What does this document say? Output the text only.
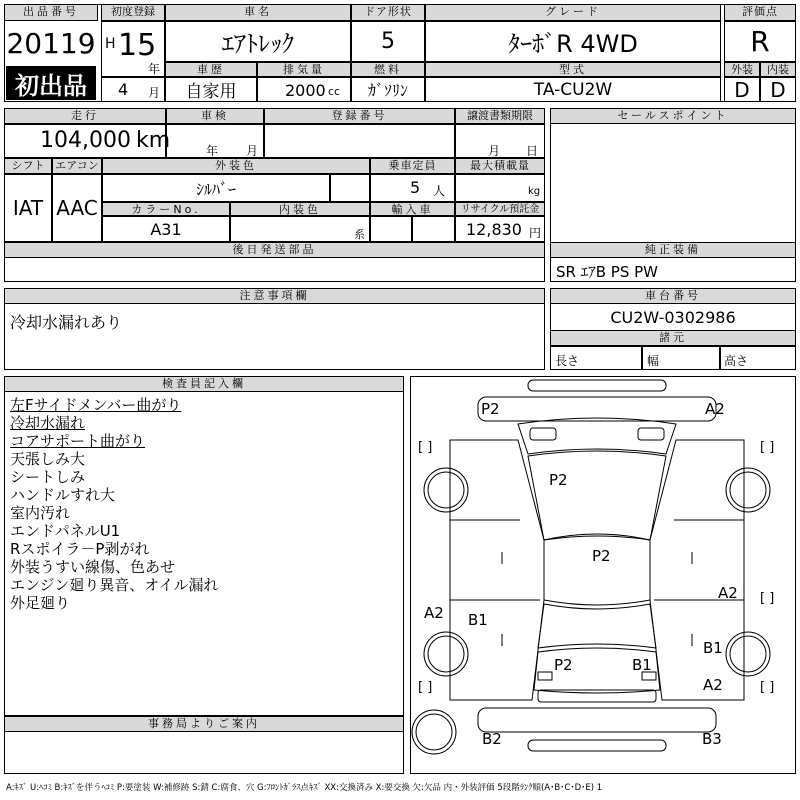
出品番号
20119
初出品
初度登録
H 15
年
4 月
車名
ｴｱﾄﾚｯｸ
ドア形状
5
グレード
ﾀｰﾎﾞR 4WD
評価点
R
車歴
自家用
排気量
2000 cc
燃料
ｶﾞｿﾘﾝ
型式
TA-CU2W
外装	内装
D	D
走行
104,000 km
車検
年 月
登録番号	譲渡書類期限
月 日
シフト
IAT
エアコン
AAC
外装色
ｼﾙﾊﾞｰ
乗車定員
5 人
最大積載量
kg
カラーNo.
A31
内装色
系
輸入車	リサイクル預託金
12,830 円
後日発送部品
セールスポイント
純正装備
SR ｴｱB PS PW
注意事項欄
冷却水漏れあり
車台番号
CU2W-0302986
諸元
長さ	幅	高さ
検査員記入欄
左Fサイドメンバー曲がり
冷却水漏れ
コアサポート曲がり
天張しみ大
シートしみ
ハンドルすれ大
室内汚れ
エンドパネルU1
Rスポイラ－P剥がれ
外装うすい線傷、色あせ
エンジン廻り異音、オイル漏れ
外足廻り
事務局よりご案内
[ ]	[ ]
[ ]	[ ]
[ ]
P2	A2
P2
P2
A2 B1
A2
B1
A2
P2	B1
B2	B3
A:ｷｽﾞ U:ﾍｺﾐ B:ｷｽﾞを伴うﾍｺﾐ P:要塗装 W:補修跡 S:錆 C:腐食、穴 G:ﾌﾛﾝﾄｶﾞﾗｽ点ｷｽﾞ XX:交換済み X:要交換 欠:欠品 内・外装評価 5段階ﾗﾝｸ順(A･B･C･D･E) 1
